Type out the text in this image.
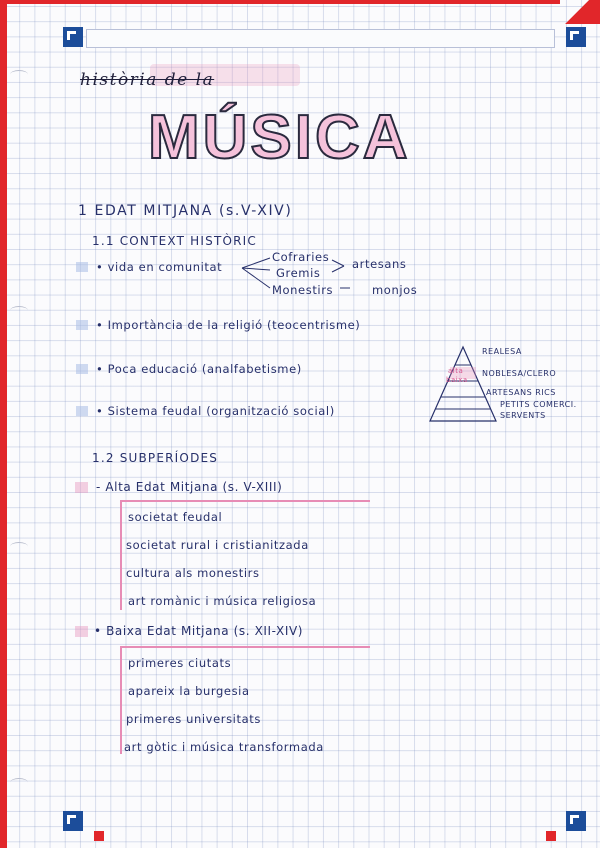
història de la
MÚSICA
1 EDAT MITJANA (s.V-XIV)
1.1 CONTEXT HISTÒRIC
• vida en comunitat
Cofraries
Gremis
Monestirs
artesans
monjos
• Importància de la religió (teocentrisme)
• Poca educació (analfabetisme)
• Sistema feudal (organització social)
alta
baixa
REALESA
NOBLESA/CLERO
ARTESANS RICS
PETITS COMERCI.
SERVENTS
1.2 SUBPERÍODES
- Alta Edat Mitjana (s. V-XIII)
societat feudal
societat rural i cristianitzada
cultura als monestirs
art romànic i música religiosa
• Baixa Edat Mitjana (s. XII-XIV)
primeres ciutats
apareix la burgesia
primeres universitats
art gòtic i música transformada
